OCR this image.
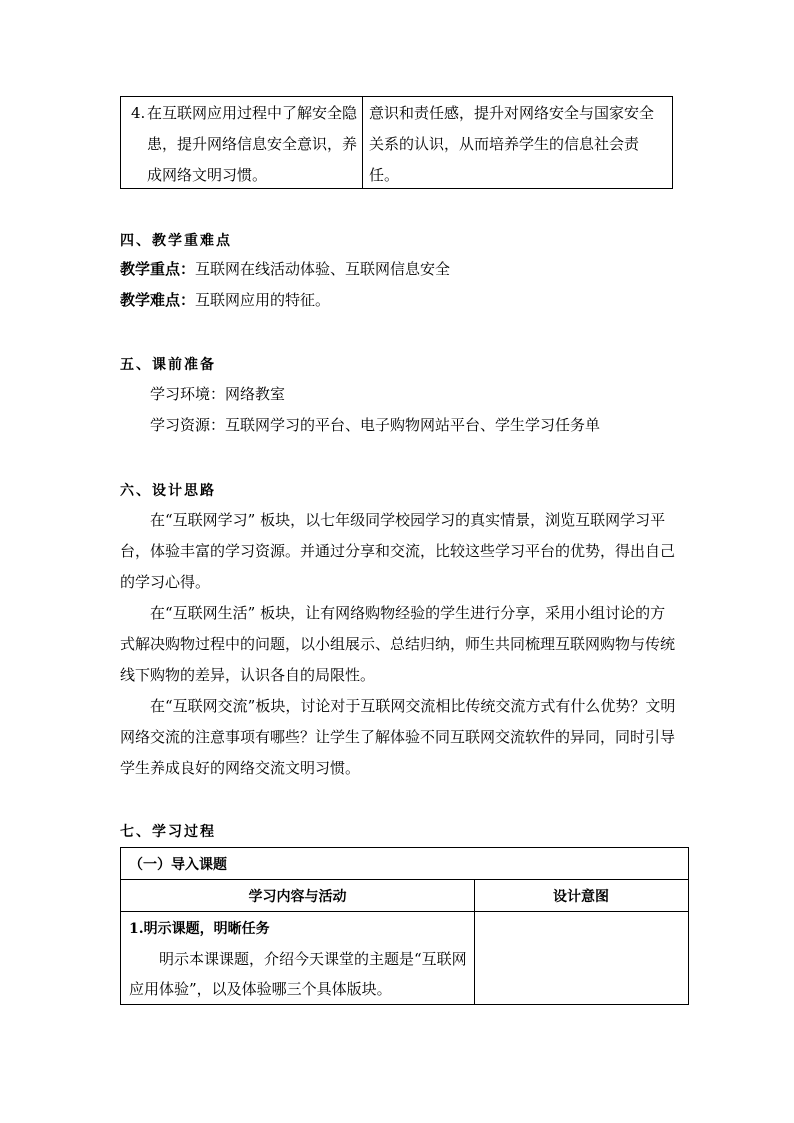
4. 在互联网应用过程中了解安全隐患，提升网络信息安全意识，养成网络文明习惯。
意识和责任感，提升对网络安全与国家安全关系的认识，从而培养学生的信息社会责任。
四、教学重难点
教学重点：互联网在线活动体验、互联网信息安全
教学难点：互联网应用的特征。
五、课前准备
学习环境：网络教室
学习资源：互联网学习的平台、电子购物网站平台、学生学习任务单
六、设计思路
在“互联网学习” 板块，以七年级同学校园学习的真实情景，浏览互联网学习平台，体验丰富的学习资源。并通过分享和交流，比较这些学习平台的优势，得出自己的学习心得。
在“互联网生活” 板块，让有网络购物经验的学生进行分享，采用小组讨论的方式解决购物过程中的问题，以小组展示、总结归纳，师生共同梳理互联网购物与传统线下购物的差异，认识各自的局限性。
在“互联网交流”板块，讨论对于互联网交流相比传统交流方式有什么优势？文明网络交流的注意事项有哪些？让学生了解体验不同互联网交流软件的异同，同时引导学生养成良好的网络交流文明习惯。
七、学习过程
（一）导入课题
学习内容与活动	设计意图
1.明示课题，明晰任务
明示本课课题，介绍今天课堂的主题是“互联网应用体验”，以及体验哪三个具体版块。
